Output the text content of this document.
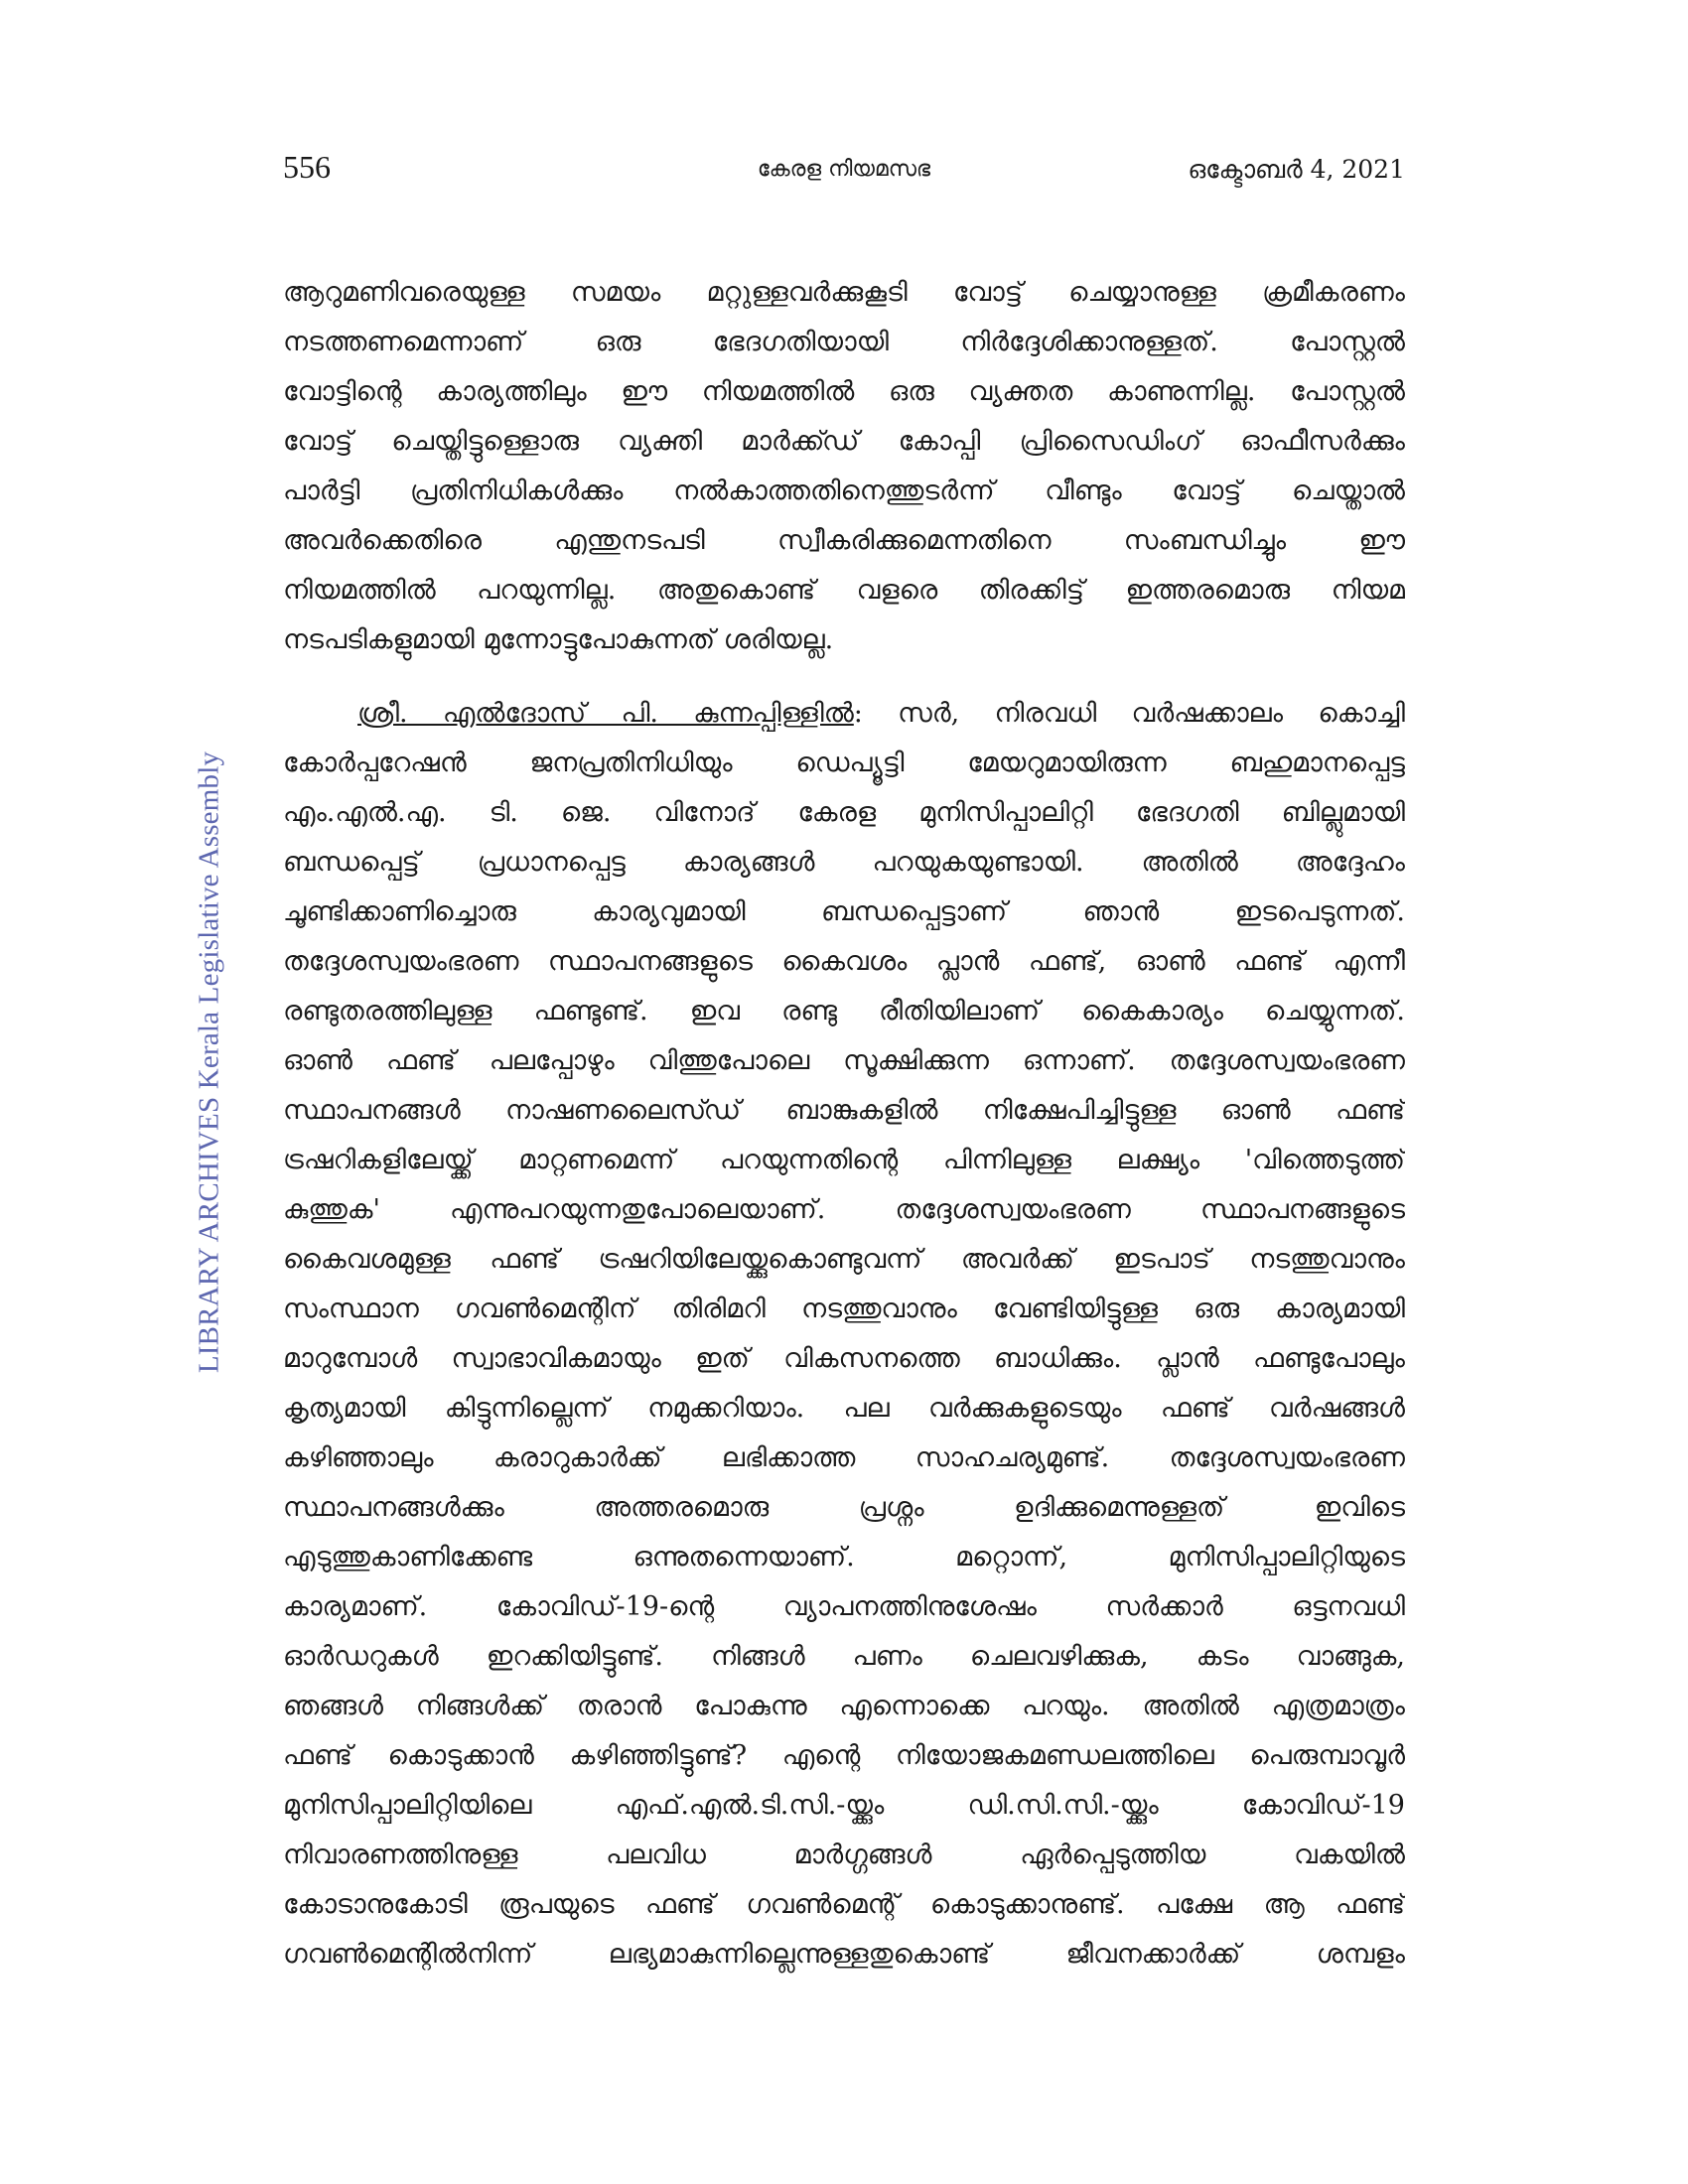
556	കേരള നിയമസഭ	ഒക്ടോബർ 4, 2021
LIBRARY ARCHIVES Kerala Legislative Assembly
ആറുമണിവരെയുള്ള സമയം മറ്റുള്ളവർക്കുകൂടി വോട്ട് ചെയ്യാനുള്ള ക്രമീകരണം
നടത്തണമെന്നാണ് ഒരു ഭേദഗതിയായി നിർദ്ദേശിക്കാനുള്ളത്. പോസ്റ്റൽ
വോട്ടിന്റെ കാര്യത്തിലും ഈ നിയമത്തിൽ ഒരു വ്യക്തത കാണുന്നില്ല. പോസ്റ്റൽ
വോട്ട് ചെയ്തിട്ടുള്ളൊരു വ്യക്തി മാർക്ക്ഡ് കോപ്പി പ്രിസൈഡിംഗ് ഓഫീസർക്കും
പാർട്ടി പ്രതിനിധികൾക്കും നൽകാത്തതിനെത്തുടർന്ന് വീണ്ടും വോട്ട് ചെയ്താൽ
അവർക്കെതിരെ എന്തുനടപടി സ്വീകരിക്കുമെന്നതിനെ സംബന്ധിച്ചും ഈ
നിയമത്തിൽ പറയുന്നില്ല. അതുകൊണ്ട് വളരെ തിരക്കിട്ട് ഇത്തരമൊരു നിയമ
നടപടികളുമായി മുന്നോട്ടുപോകുന്നത് ശരിയല്ല.
ശ്രീ. എൽദോസ് പി. കുന്നപ്പിള്ളിൽ: സർ, നിരവധി വർഷക്കാലം കൊച്ചി
കോർപ്പറേഷൻ ജനപ്രതിനിധിയും ഡെപ്യൂട്ടി മേയറുമായിരുന്ന ബഹുമാനപ്പെട്ട
എം.എൽ.എ. ടി. ജെ. വിനോദ് കേരള മുനിസിപ്പാലിറ്റി ഭേദഗതി ബില്ലുമായി
ബന്ധപ്പെട്ട് പ്രധാനപ്പെട്ട കാര്യങ്ങൾ പറയുകയുണ്ടായി. അതിൽ അദ്ദേഹം
ചൂണ്ടിക്കാണിച്ചൊരു കാര്യവുമായി ബന്ധപ്പെട്ടാണ് ഞാൻ ഇടപെടുന്നത്.
തദ്ദേശസ്വയംഭരണ സ്ഥാപനങ്ങളുടെ കൈവശം പ്ലാൻ ഫണ്ട്, ഓൺ ഫണ്ട് എന്നീ
രണ്ടുതരത്തിലുള്ള ഫണ്ടുണ്ട്. ഇവ രണ്ടു രീതിയിലാണ് കൈകാര്യം ചെയ്യുന്നത്.
ഓൺ ഫണ്ട് പലപ്പോഴും വിത്തുപോലെ സൂക്ഷിക്കുന്ന ഒന്നാണ്. തദ്ദേശസ്വയംഭരണ
സ്ഥാപനങ്ങൾ നാഷണലൈസ്ഡ് ബാങ്കുകളിൽ നിക്ഷേപിച്ചിട്ടുള്ള ഓൺ ഫണ്ട്
ട്രഷറികളിലേയ്ക്ക് മാറ്റണമെന്ന് പറയുന്നതിന്റെ പിന്നിലുള്ള ലക്ഷ്യം 'വിത്തെടുത്ത്
കുത്തുക' എന്നുപറയുന്നതുപോലെയാണ്. തദ്ദേശസ്വയംഭരണ സ്ഥാപനങ്ങളുടെ
കൈവശമുള്ള ഫണ്ട് ട്രഷറിയിലേയ്ക്കുകൊണ്ടുവന്ന് അവർക്ക് ഇടപാട് നടത്തുവാനും
സംസ്ഥാന ഗവൺമെന്റിന് തിരിമറി നടത്തുവാനും വേണ്ടിയിട്ടുള്ള ഒരു കാര്യമായി
മാറുമ്പോൾ സ്വാഭാവികമായും ഇത് വികസനത്തെ ബാധിക്കും. പ്ലാൻ ഫണ്ടുപോലും
കൃത്യമായി കിട്ടുന്നില്ലെന്ന് നമുക്കറിയാം. പല വർക്കുകളുടെയും ഫണ്ട് വർഷങ്ങൾ
കഴിഞ്ഞാലും കരാറുകാർക്ക് ലഭിക്കാത്ത സാഹചര്യമുണ്ട്. തദ്ദേശസ്വയംഭരണ
സ്ഥാപനങ്ങൾക്കും അത്തരമൊരു പ്രശ്നം ഉദിക്കുമെന്നുള്ളത് ഇവിടെ
എടുത്തുകാണിക്കേണ്ട ഒന്നുതന്നെയാണ്. മറ്റൊന്ന്, മുനിസിപ്പാലിറ്റിയുടെ
കാര്യമാണ്. കോവിഡ്-19-ന്റെ വ്യാപനത്തിനുശേഷം സർക്കാർ ഒട്ടനവധി
ഓർഡറുകൾ ഇറക്കിയിട്ടുണ്ട്. നിങ്ങൾ പണം ചെലവഴിക്കുക, കടം വാങ്ങുക,
ഞങ്ങൾ നിങ്ങൾക്ക് തരാൻ പോകുന്നു എന്നൊക്കെ പറയും. അതിൽ എത്രമാത്രം
ഫണ്ട് കൊടുക്കാൻ കഴിഞ്ഞിട്ടുണ്ട്? എന്റെ നിയോജകമണ്ഡലത്തിലെ പെരുമ്പാവൂർ
മുനിസിപ്പാലിറ്റിയിലെ എഫ്.എൽ.ടി.സി.-യ്ക്കും ഡി.സി.സി.-യ്ക്കും കോവിഡ്-19
നിവാരണത്തിനുള്ള പലവിധ മാർഗ്ഗങ്ങൾ ഏർപ്പെടുത്തിയ വകയിൽ
കോടാനുകോടി രൂപയുടെ ഫണ്ട് ഗവൺമെന്റ് കൊടുക്കാനുണ്ട്. പക്ഷേ ആ ഫണ്ട്
ഗവൺമെന്റിൽനിന്ന് ലഭ്യമാകുന്നില്ലെന്നുള്ളതുകൊണ്ട് ജീവനക്കാർക്ക് ശമ്പളം
